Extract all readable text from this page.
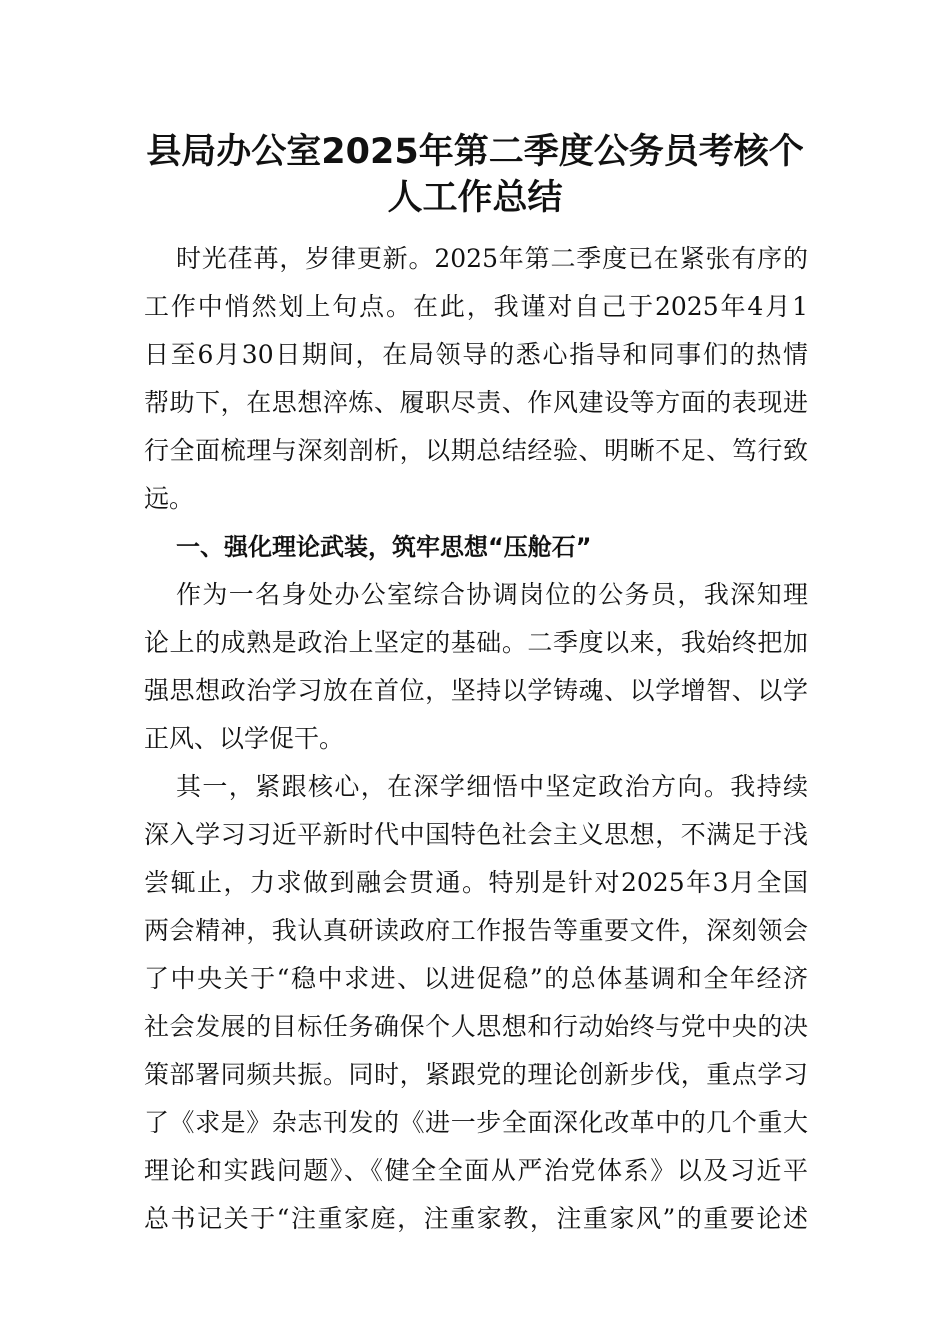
县局办公室2025年第二季度公务员考核个
人工作总结
时光荏苒，岁律更新。2025年第二季度已在紧张有序的
工作中悄然划上句点。在此，我谨对自己于2025年4月1
日至6月30日期间，在局领导的悉心指导和同事们的热情
帮助下，在思想淬炼、履职尽责、作风建设等方面的表现进
行全面梳理与深刻剖析，以期总结经验、明晰不足、笃行致
远。
一、强化理论武装，筑牢思想“压舱石”
作为一名身处办公室综合协调岗位的公务员，我深知理
论上的成熟是政治上坚定的基础。二季度以来，我始终把加
强思想政治学习放在首位，坚持以学铸魂、以学增智、以学
正风、以学促干。
其一，紧跟核心，在深学细悟中坚定政治方向。我持续
深入学习习近平新时代中国特色社会主义思想，不满足于浅
尝辄止，力求做到融会贯通。特别是针对2025年3月全国
两会精神，我认真研读政府工作报告等重要文件，深刻领会
了中央关于“稳中求进、以进促稳”的总体基调和全年经济
社会发展的目标任务确保个人思想和行动始终与党中央的决
策部署同频共振。同时，紧跟党的理论创新步伐，重点学习
了《求是》杂志刊发的《进一步全面深化改革中的几个重大
理论和实践问题》、《健全全面从严治党体系》以及习近平
总书记关于“注重家庭，注重家教，注重家风”的重要论述
